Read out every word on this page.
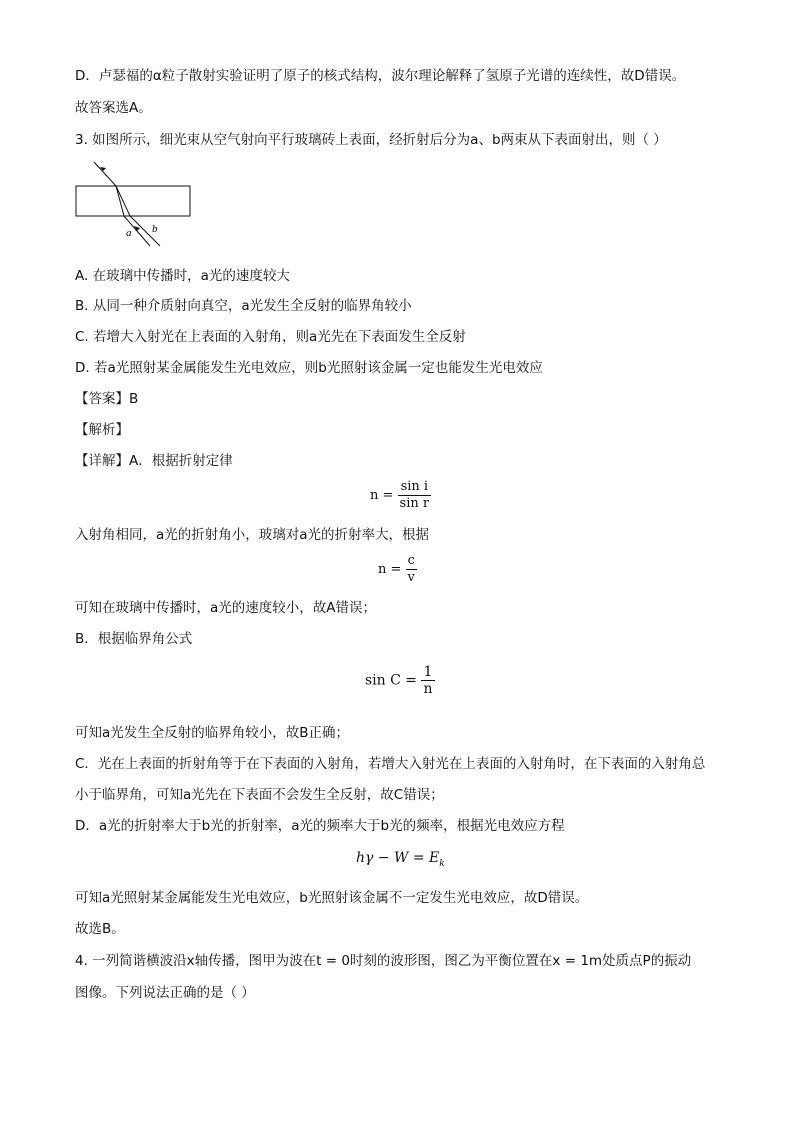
D．卢瑟福的α粒子散射实验证明了原子的核式结构，波尔理论解释了氢原子光谱的连续性，故D错误。
故答案选A。
3. 如图所示，细光束从空气射向平行玻璃砖上表面，经折射后分为a、b两束从下表面射出，则（ ）
a b
A. 在玻璃中传播时，a光的速度较大
B. 从同一种介质射向真空，a光发生全反射的临界角较小
C. 若增大入射光在上表面的入射角，则a光先在下表面发生全反射
D. 若a光照射某金属能发生光电效应，则b光照射该金属一定也能发生光电效应
【答案】B
【解析】
【详解】A．根据折射定律
$n = \frac{\text{sin i}}{\text{sin r}}$
入射角相同，a光的折射角小，玻璃对a光的折射率大，根据
$n = \frac{c}{v}$
可知在玻璃中传播时，a光的速度较小，故A错误；
B．根据临界角公式
$\sin C = \frac{1}{n}$
可知a光发生全反射的临界角较小，故B正确；
C．光在上表面的折射角等于在下表面的入射角，若增大入射光在上表面的入射角时，在下表面的入射角总
小于临界角，可知a光先在下表面不会发生全反射，故C错误；
D．a光的折射率大于b光的折射率，a光的频率大于b光的频率，根据光电效应方程
$h\gamma - W = E_k$
可知a光照射某金属能发生光电效应，b光照射该金属不一定发生光电效应，故D错误。
故选B。
4. 一列简谐横波沿x轴传播，图甲为波在t = 0时刻的波形图，图乙为平衡位置在x = 1m处质点P的振动
图像。下列说法正确的是（ ）
